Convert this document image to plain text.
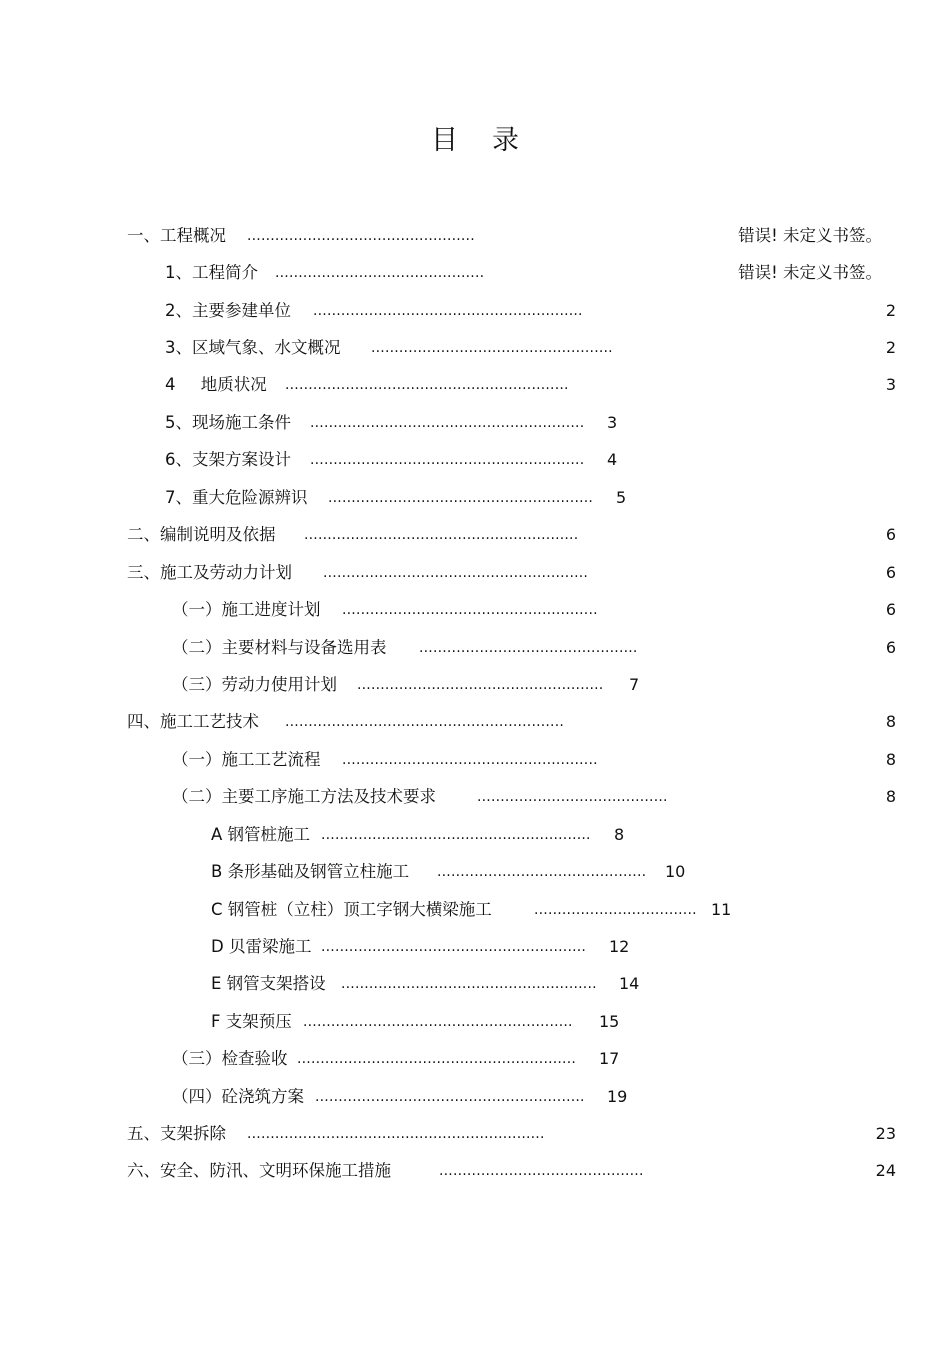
目 录
一、工程概况 .................................................	错误! 未定义书签。
1、工程简介 .............................................	错误! 未定义书签。
2、主要参建单位 ..........................................................	2
3、区域气象、水文概况 ....................................................	2
4 地质状况 .............................................................	3
5、现场施工条件 ...........................................................	3
6、支架方案设计 ...........................................................	4
7、重大危险源辨识 .........................................................	5
二、编制说明及依据 ...........................................................	6
三、施工及劳动力计划 .........................................................	6
（一）施工进度计划 .......................................................	6
（二）主要材料与设备选用表 ...............................................	6
（三）劳动力使用计划 .....................................................	7
四、施工工艺技术 ............................................................	8
（一）施工工艺流程 .......................................................	8
（二）主要工序施工方法及技术要求	.........................................	8
A 钢管桩施工 ..........................................................	8
B 条形基础及钢管立柱施工 .............................................	10
C 钢管桩（立柱）顶工字钢大横梁施工	................................... 11
D 贝雷梁施工 .........................................................	12
E 钢管支架搭设 .......................................................	14
F 支架预压 ..........................................................	15
（三）检查验收 ............................................................	17
（四）砼浇筑方案 ..........................................................	19
五、支架拆除 ................................................................	23
六、安全、防汛、文明环保施工措施	............................................	24
